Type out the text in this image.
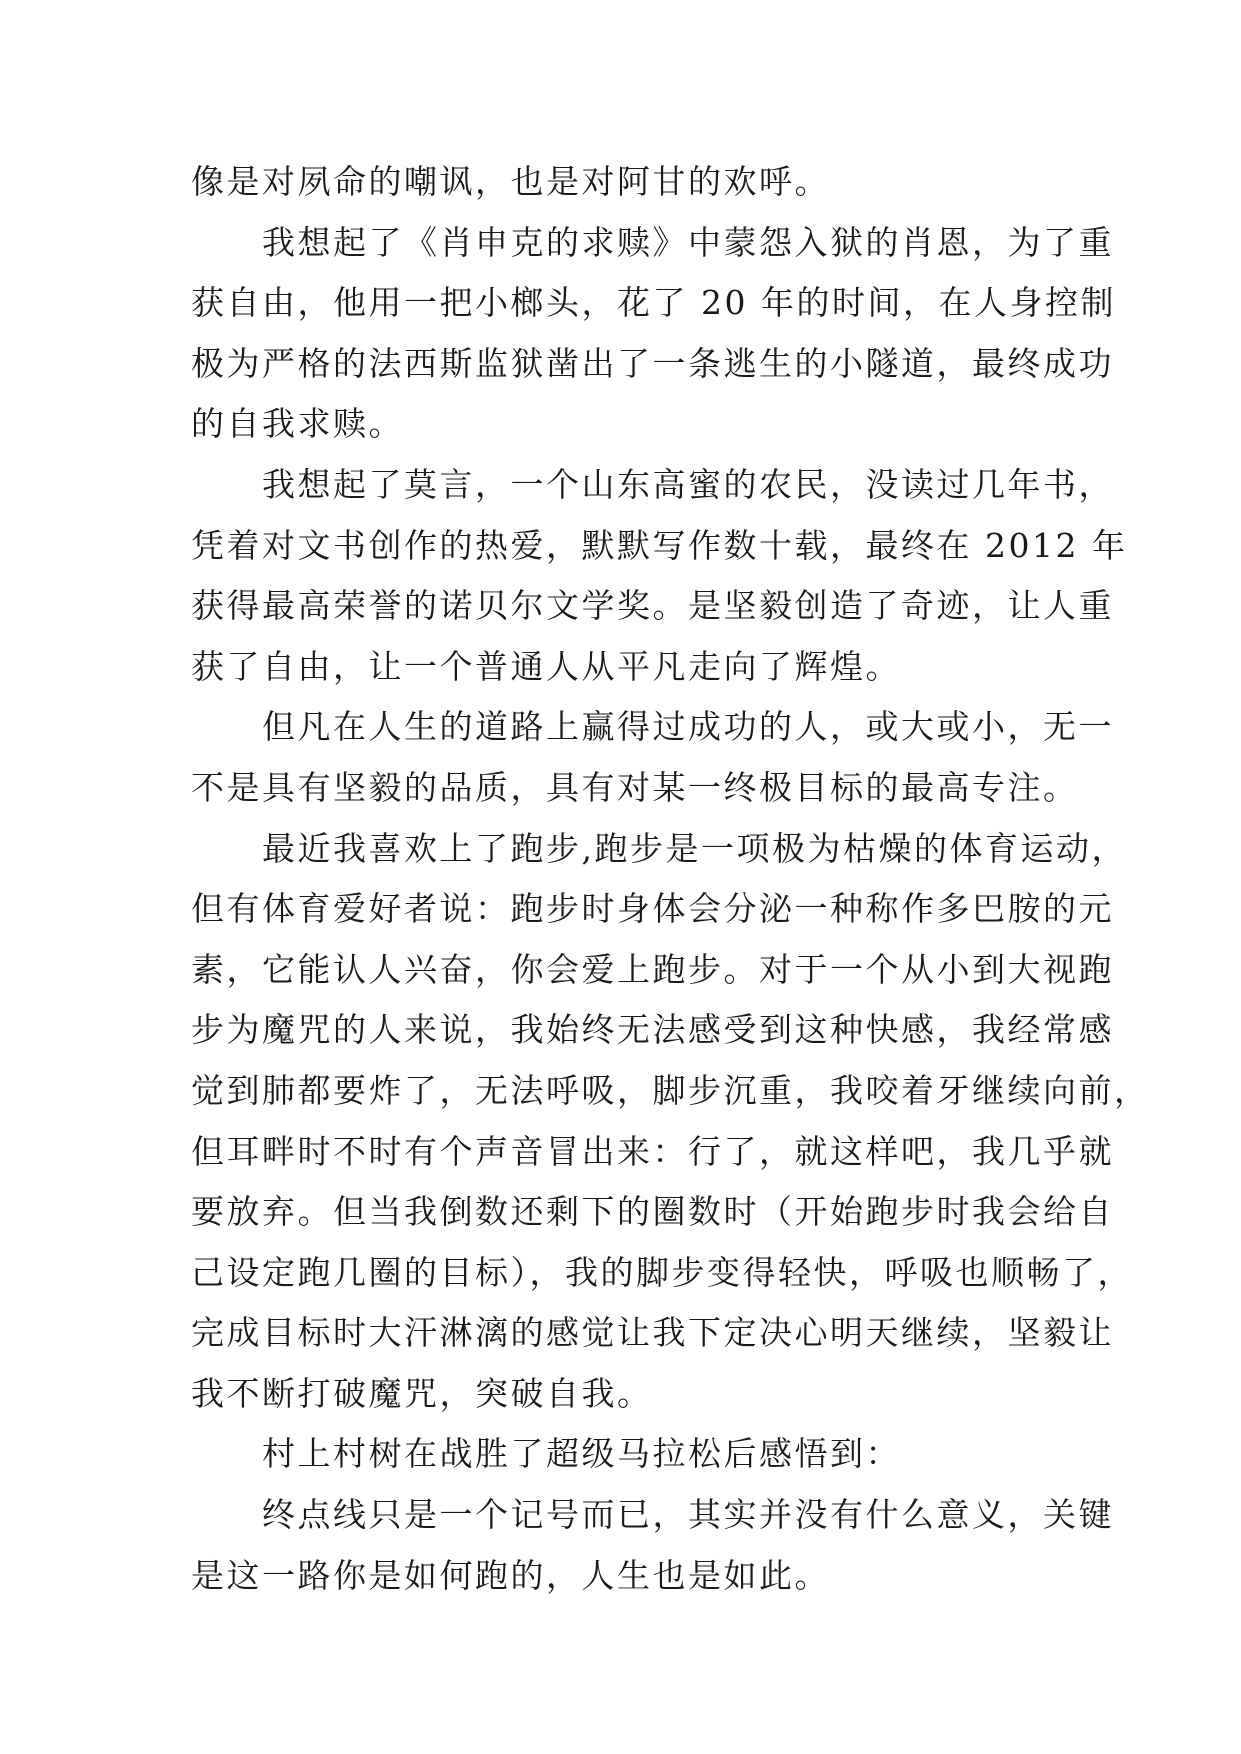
像是对夙命的嘲讽，也是对阿甘的欢呼。
　　我想起了《肖申克的求赎》中蒙怨入狱的肖恩，为了重
获自由，他用一把小榔头，花了 20 年的时间，在人身控制
极为严格的法西斯监狱凿出了一条逃生的小隧道，最终成功
的自我求赎。
　　我想起了莫言，一个山东高蜜的农民，没读过几年书，
凭着对文书创作的热爱，默默写作数十载，最终在 2012 年
获得最高荣誉的诺贝尔文学奖。是坚毅创造了奇迹，让人重
获了自由，让一个普通人从平凡走向了辉煌。
　　但凡在人生的道路上赢得过成功的人，或大或小，无一
不是具有坚毅的品质，具有对某一终极目标的最高专注。
　　最近我喜欢上了跑步,跑步是一项极为枯燥的体育运动，
但有体育爱好者说：跑步时身体会分泌一种称作多巴胺的元
素，它能认人兴奋，你会爱上跑步。对于一个从小到大视跑
步为魔咒的人来说，我始终无法感受到这种快感，我经常感
觉到肺都要炸了，无法呼吸，脚步沉重，我咬着牙继续向前，
但耳畔时不时有个声音冒出来：行了，就这样吧，我几乎就
要放弃。但当我倒数还剩下的圈数时（开始跑步时我会给自
己设定跑几圈的目标），我的脚步变得轻快，呼吸也顺畅了，
完成目标时大汗淋漓的感觉让我下定决心明天继续，坚毅让
我不断打破魔咒，突破自我。
　　村上村树在战胜了超级马拉松后感悟到：
　　终点线只是一个记号而已，其实并没有什么意义，关键
是这一路你是如何跑的，人生也是如此。
